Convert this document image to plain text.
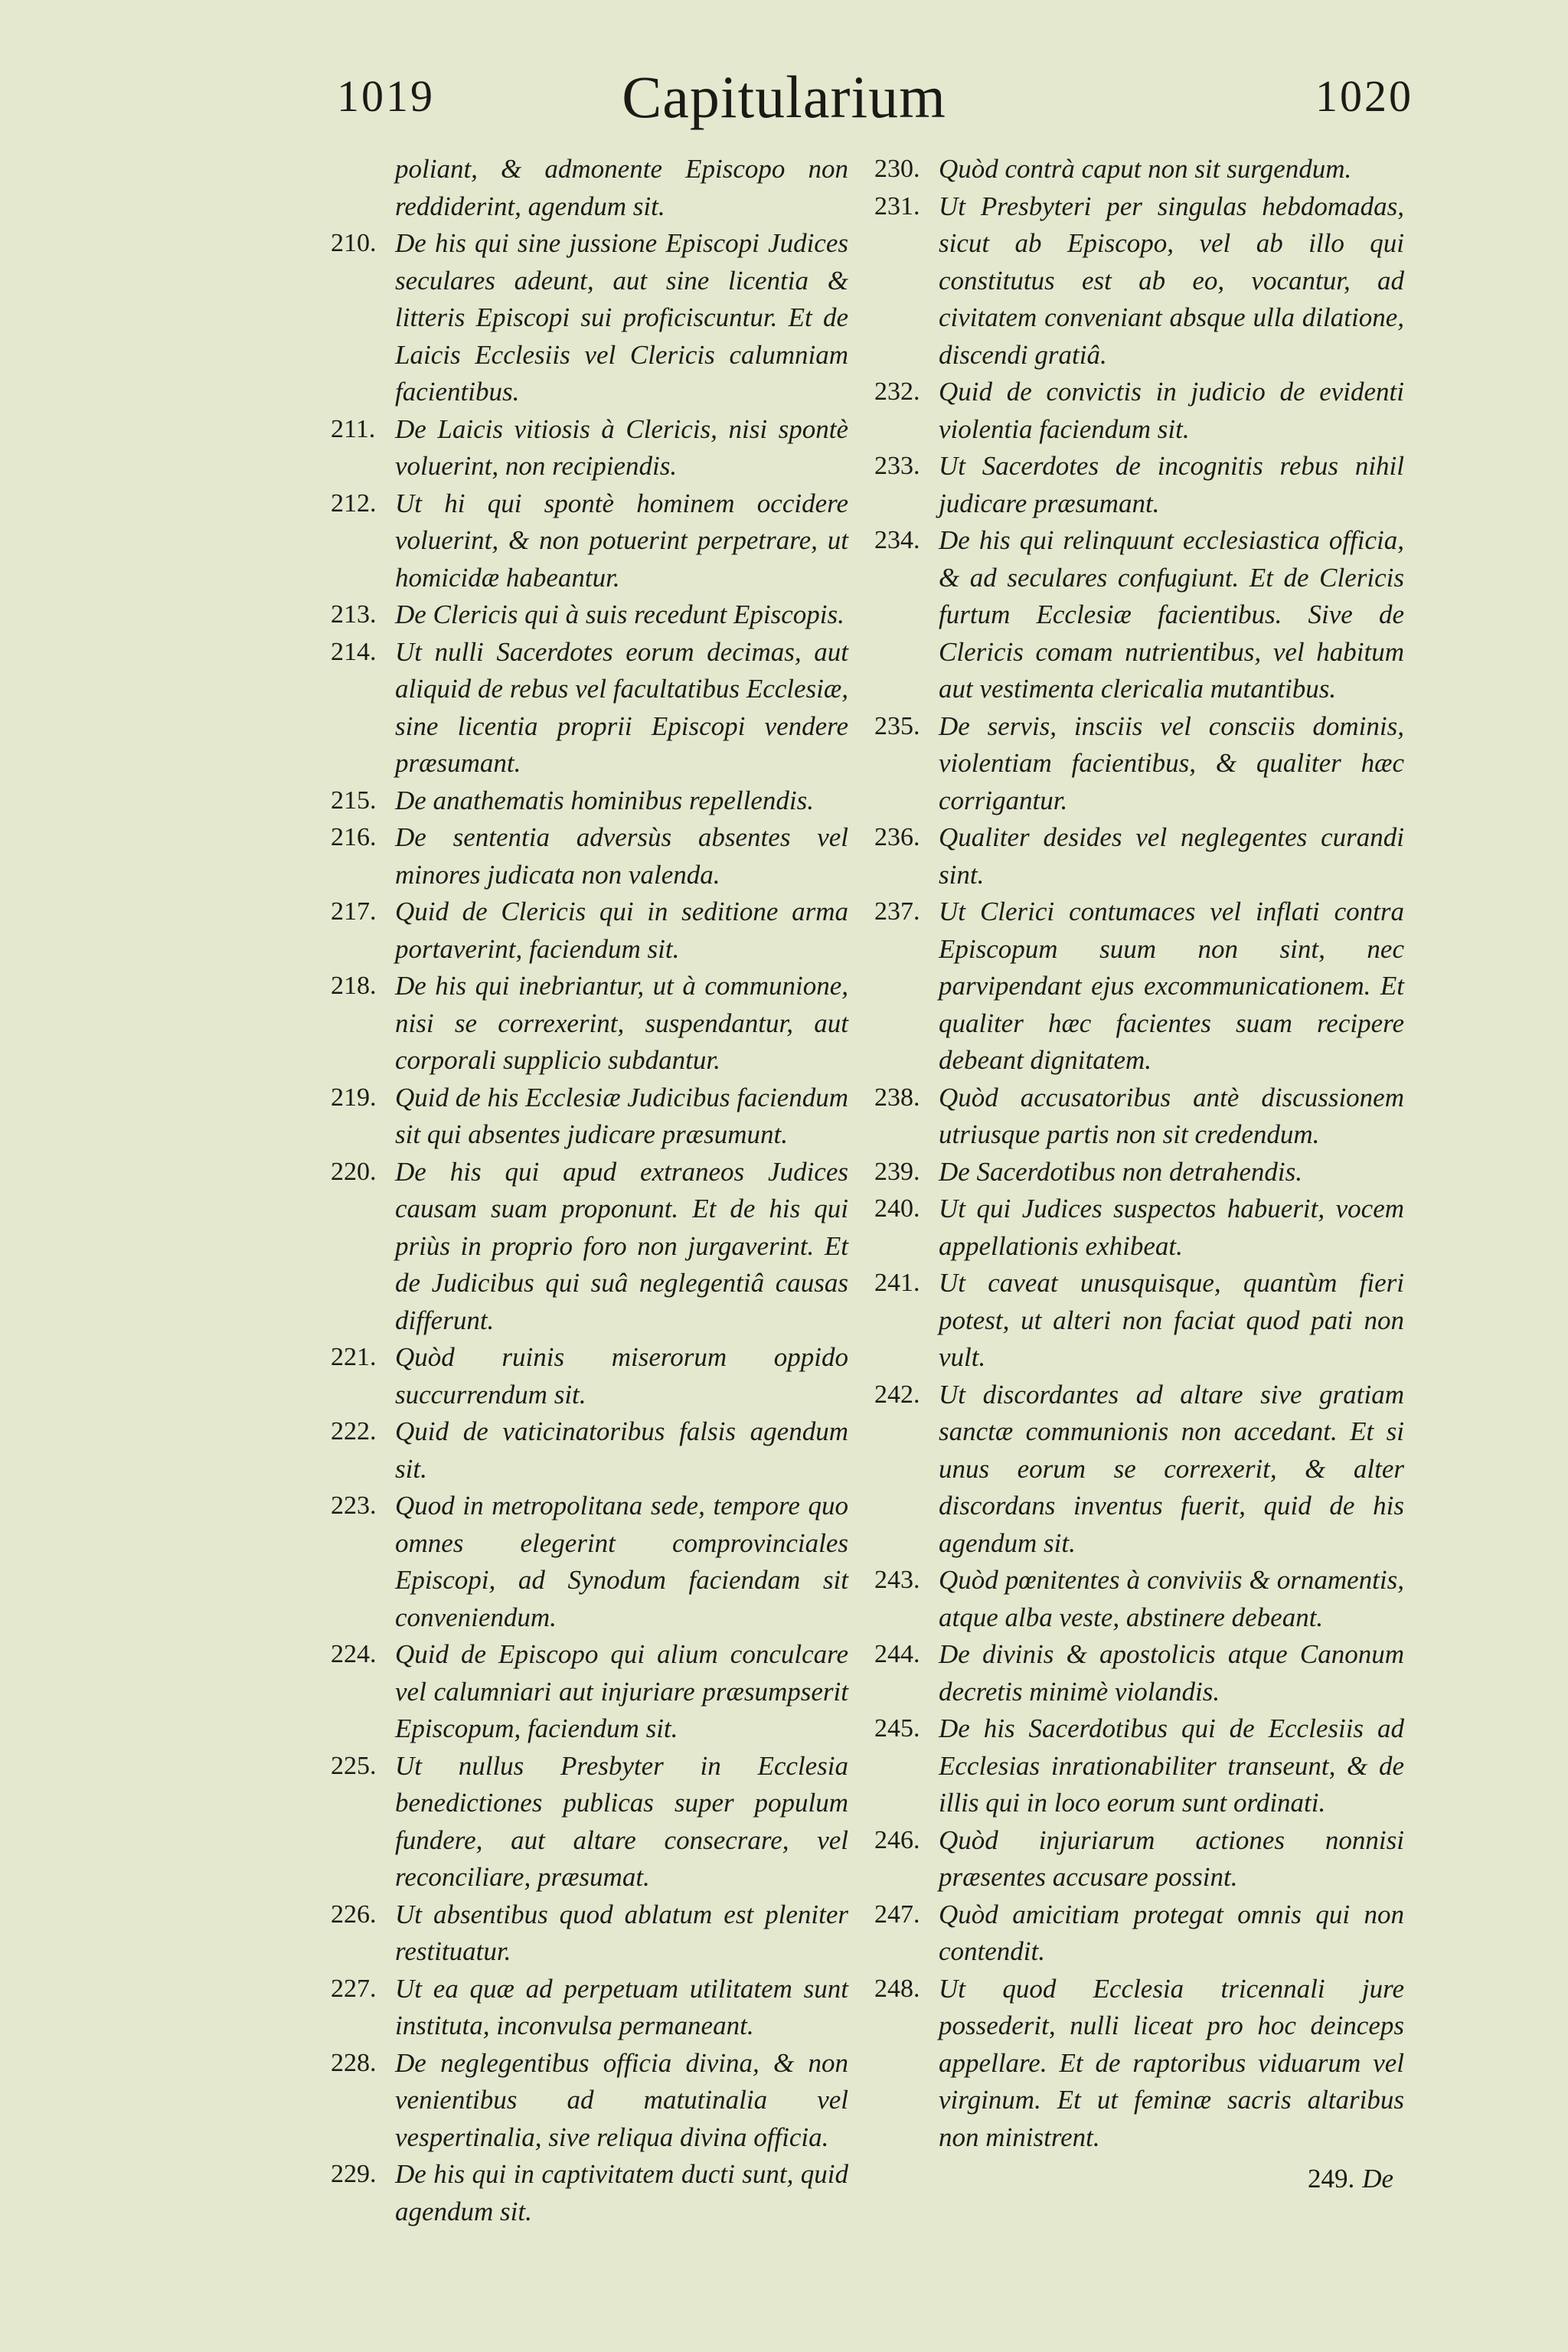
1019	Capitularium	1020
poliant, & admonente Episcopo non reddiderint, agendum sit.
210. De his qui sine jussione Episcopi Judices seculares adeunt, aut sine licentia & litteris Episcopi sui proficiscuntur. Et de Laicis Ecclesiis vel Clericis calumniam facientibus.
211. De Laicis vitiosis à Clericis, nisi spontè voluerint, non recipiendis.
212. Ut hi qui spontè hominem occidere voluerint, & non potuerint perpetrare, ut homicidæ habeantur.
213. De Clericis qui à suis recedunt Episcopis.
214. Ut nulli Sacerdotes eorum decimas, aut aliquid de rebus vel facultatibus Ecclesiæ, sine licentia proprii Episcopi vendere præsumant.
215. De anathematis hominibus repellendis.
216. De sententia adversùs absentes vel minores judicata non valenda.
217. Quid de Clericis qui in seditione arma portaverint, faciendum sit.
218. De his qui inebriantur, ut à communione, nisi se correxerint, suspendantur, aut corporali supplicio subdantur.
219. Quid de his Ecclesiæ Judicibus faciendum sit qui absentes judicare præsumunt.
220. De his qui apud extraneos Judices causam suam proponunt. Et de his qui priùs in proprio foro non jurgaverint. Et de Judicibus qui suâ neglegentiâ causas differunt.
221. Quòd ruinis miserorum oppido succurrendum sit.
222. Quid de vaticinatoribus falsis agendum sit.
223. Quod in metropolitana sede, tempore quo omnes elegerint comprovinciales Episcopi, ad Synodum faciendam sit conveniendum.
224. Quid de Episcopo qui alium conculcare vel calumniari aut injuriare præsumpserit Episcopum, faciendum sit.
225. Ut nullus Presbyter in Ecclesia benedictiones publicas super populum fundere, aut altare consecrare, vel reconciliare, præsumat.
226. Ut absentibus quod ablatum est pleniter restituatur.
227. Ut ea quæ ad perpetuam utilitatem sunt instituta, inconvulsa permaneant.
228. De neglegentibus officia divina, & non venientibus ad matutinalia vel vespertinalia, sive reliqua divina officia.
229. De his qui in captivitatem ducti sunt, quid agendum sit.
230. Quòd contrà caput non sit surgendum.
231. Ut Presbyteri per singulas hebdomadas, sicut ab Episcopo, vel ab illo qui constitutus est ab eo, vocantur, ad civitatem conveniant absque ulla dilatione, discendi gratiâ.
232. Quid de convictis in judicio de evidenti violentia faciendum sit.
233. Ut Sacerdotes de incognitis rebus nihil judicare præsumant.
234. De his qui relinquunt ecclesiastica officia, & ad seculares confugiunt. Et de Clericis furtum Ecclesiæ facientibus. Sive de Clericis comam nutrientibus, vel habitum aut vestimenta clericalia mutantibus.
235. De servis, insciis vel consciis dominis, violentiam facientibus, & qualiter hæc corrigantur.
236. Qualiter desides vel neglegentes curandi sint.
237. Ut Clerici contumaces vel inflati contra Episcopum suum non sint, nec parvipendant ejus excommunicationem. Et qualiter hæc facientes suam recipere debeant dignitatem.
238. Quòd accusatoribus antè discussionem utriusque partis non sit credendum.
239. De Sacerdotibus non detrahendis.
240. Ut qui Judices suspectos habuerit, vocem appellationis exhibeat.
241. Ut caveat unusquisque, quantùm fieri potest, ut alteri non faciat quod pati non vult.
242. Ut discordantes ad altare sive gratiam sanctæ communionis non accedant. Et si unus eorum se correxerit, & alter discordans inventus fuerit, quid de his agendum sit.
243. Quòd pœnitentes à conviviis & ornamentis, atque alba veste, abstinere debeant.
244. De divinis & apostolicis atque Canonum decretis minimè violandis.
245. De his Sacerdotibus qui de Ecclesiis ad Ecclesias inrationabiliter transeunt, & de illis qui in loco eorum sunt ordinati.
246. Quòd injuriarum actiones nonnisi præsentes accusare possint.
247. Quòd amicitiam protegat omnis qui non contendit.
248. Ut quod Ecclesia tricennali jure possederit, nulli liceat pro hoc deinceps appellare. Et de raptoribus viduarum vel virginum. Et ut feminæ sacris altaribus non ministrent.
249. De
